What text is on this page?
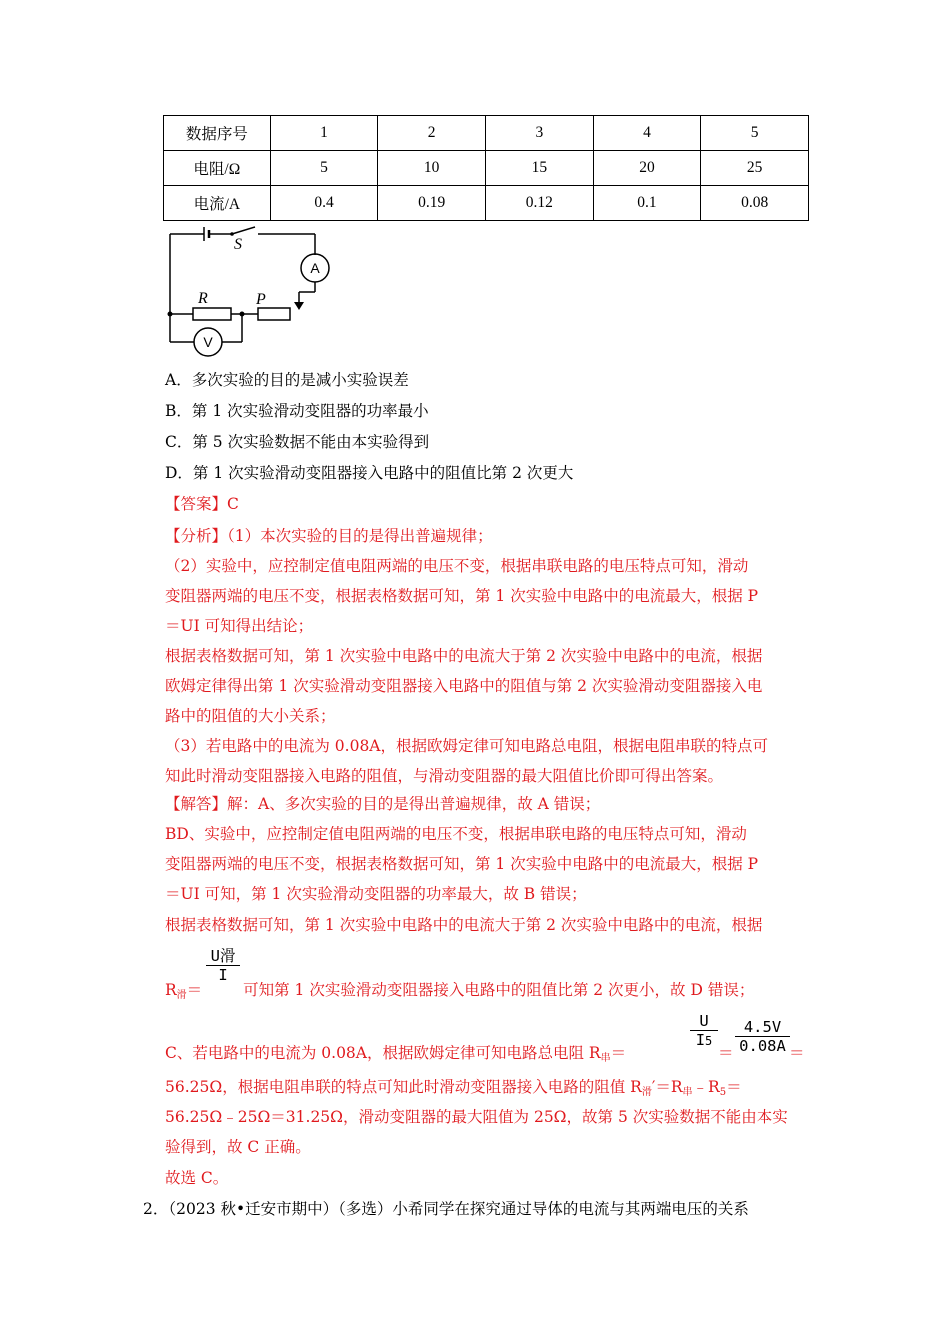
数据序号	1	2	3	4	5
电阻/Ω	5	10	15	20	25
电流/A	0.4	0.19	0.12	0.1	0.08
S
R	P
A
V
A．多次实验的目的是减小实验误差
B．第 1 次实验滑动变阻器的功率最小
C．第 5 次实验数据不能由本实验得到
D．第 1 次实验滑动变阻器接入电路中的阻值比第 2 次更大
【答案】C
【分析】（1）本次实验的目的是得出普遍规律；
（2）实验中，应控制定值电阻两端的电压不变，根据串联电路的电压特点可知，滑动
变阻器两端的电压不变，根据表格数据可知，第 1 次实验中电路中的电流最大，根据 P
＝UI 可知得出结论；
根据表格数据可知，第 1 次实验中电路中的电流大于第 2 次实验中电路中的电流，根据
欧姆定律得出第 1 次实验滑动变阻器接入电路中的阻值与第 2 次实验滑动变阻器接入电
路中的阻值的大小关系；
（3）若电路中的电流为 0.08A，根据欧姆定律可知电路总电阻，根据电阻串联的特点可
知此时滑动变阻器接入电路的阻值，与滑动变阻器的最大阻值比价即可得出答案。
【解答】解：A、多次实验的目的是得出普遍规律，故 A 错误；
BD、实验中，应控制定值电阻两端的电压不变，根据串联电路的电压特点可知，滑动
变阻器两端的电压不变，根据表格数据可知，第 1 次实验中电路中的电流最大，根据 P
＝UI 可知，第 1 次实验滑动变阻器的功率最大，故 B 错误；
根据表格数据可知，第 1 次实验中电路中的电流大于第 2 次实验中电路中的电流，根据
U滑
I
$R_滑=$ 可知第 1 次实验滑动变阻器接入电路中的阻值比第 2 次更小，故 D 错误；
C、若电路中的电流为 0.08A，根据欧姆定律可知电路总电阻 $R_串=$
U
I5
＝
4.5V
0.08A ＝
56.25Ω，根据电阻串联的特点可知此时滑动变阻器接入电路的阻值 $R_滑'=R_串﹣R_5=$
56.25Ω﹣25Ω＝31.25Ω，滑动变阻器的最大阻值为 25Ω，故第 5 次实验数据不能由本实
验得到，故 C 正确。
故选 C。
2．（2023 秋•迁安市期中）（多选）小希同学在探究通过导体的电流与其两端电压的关系
